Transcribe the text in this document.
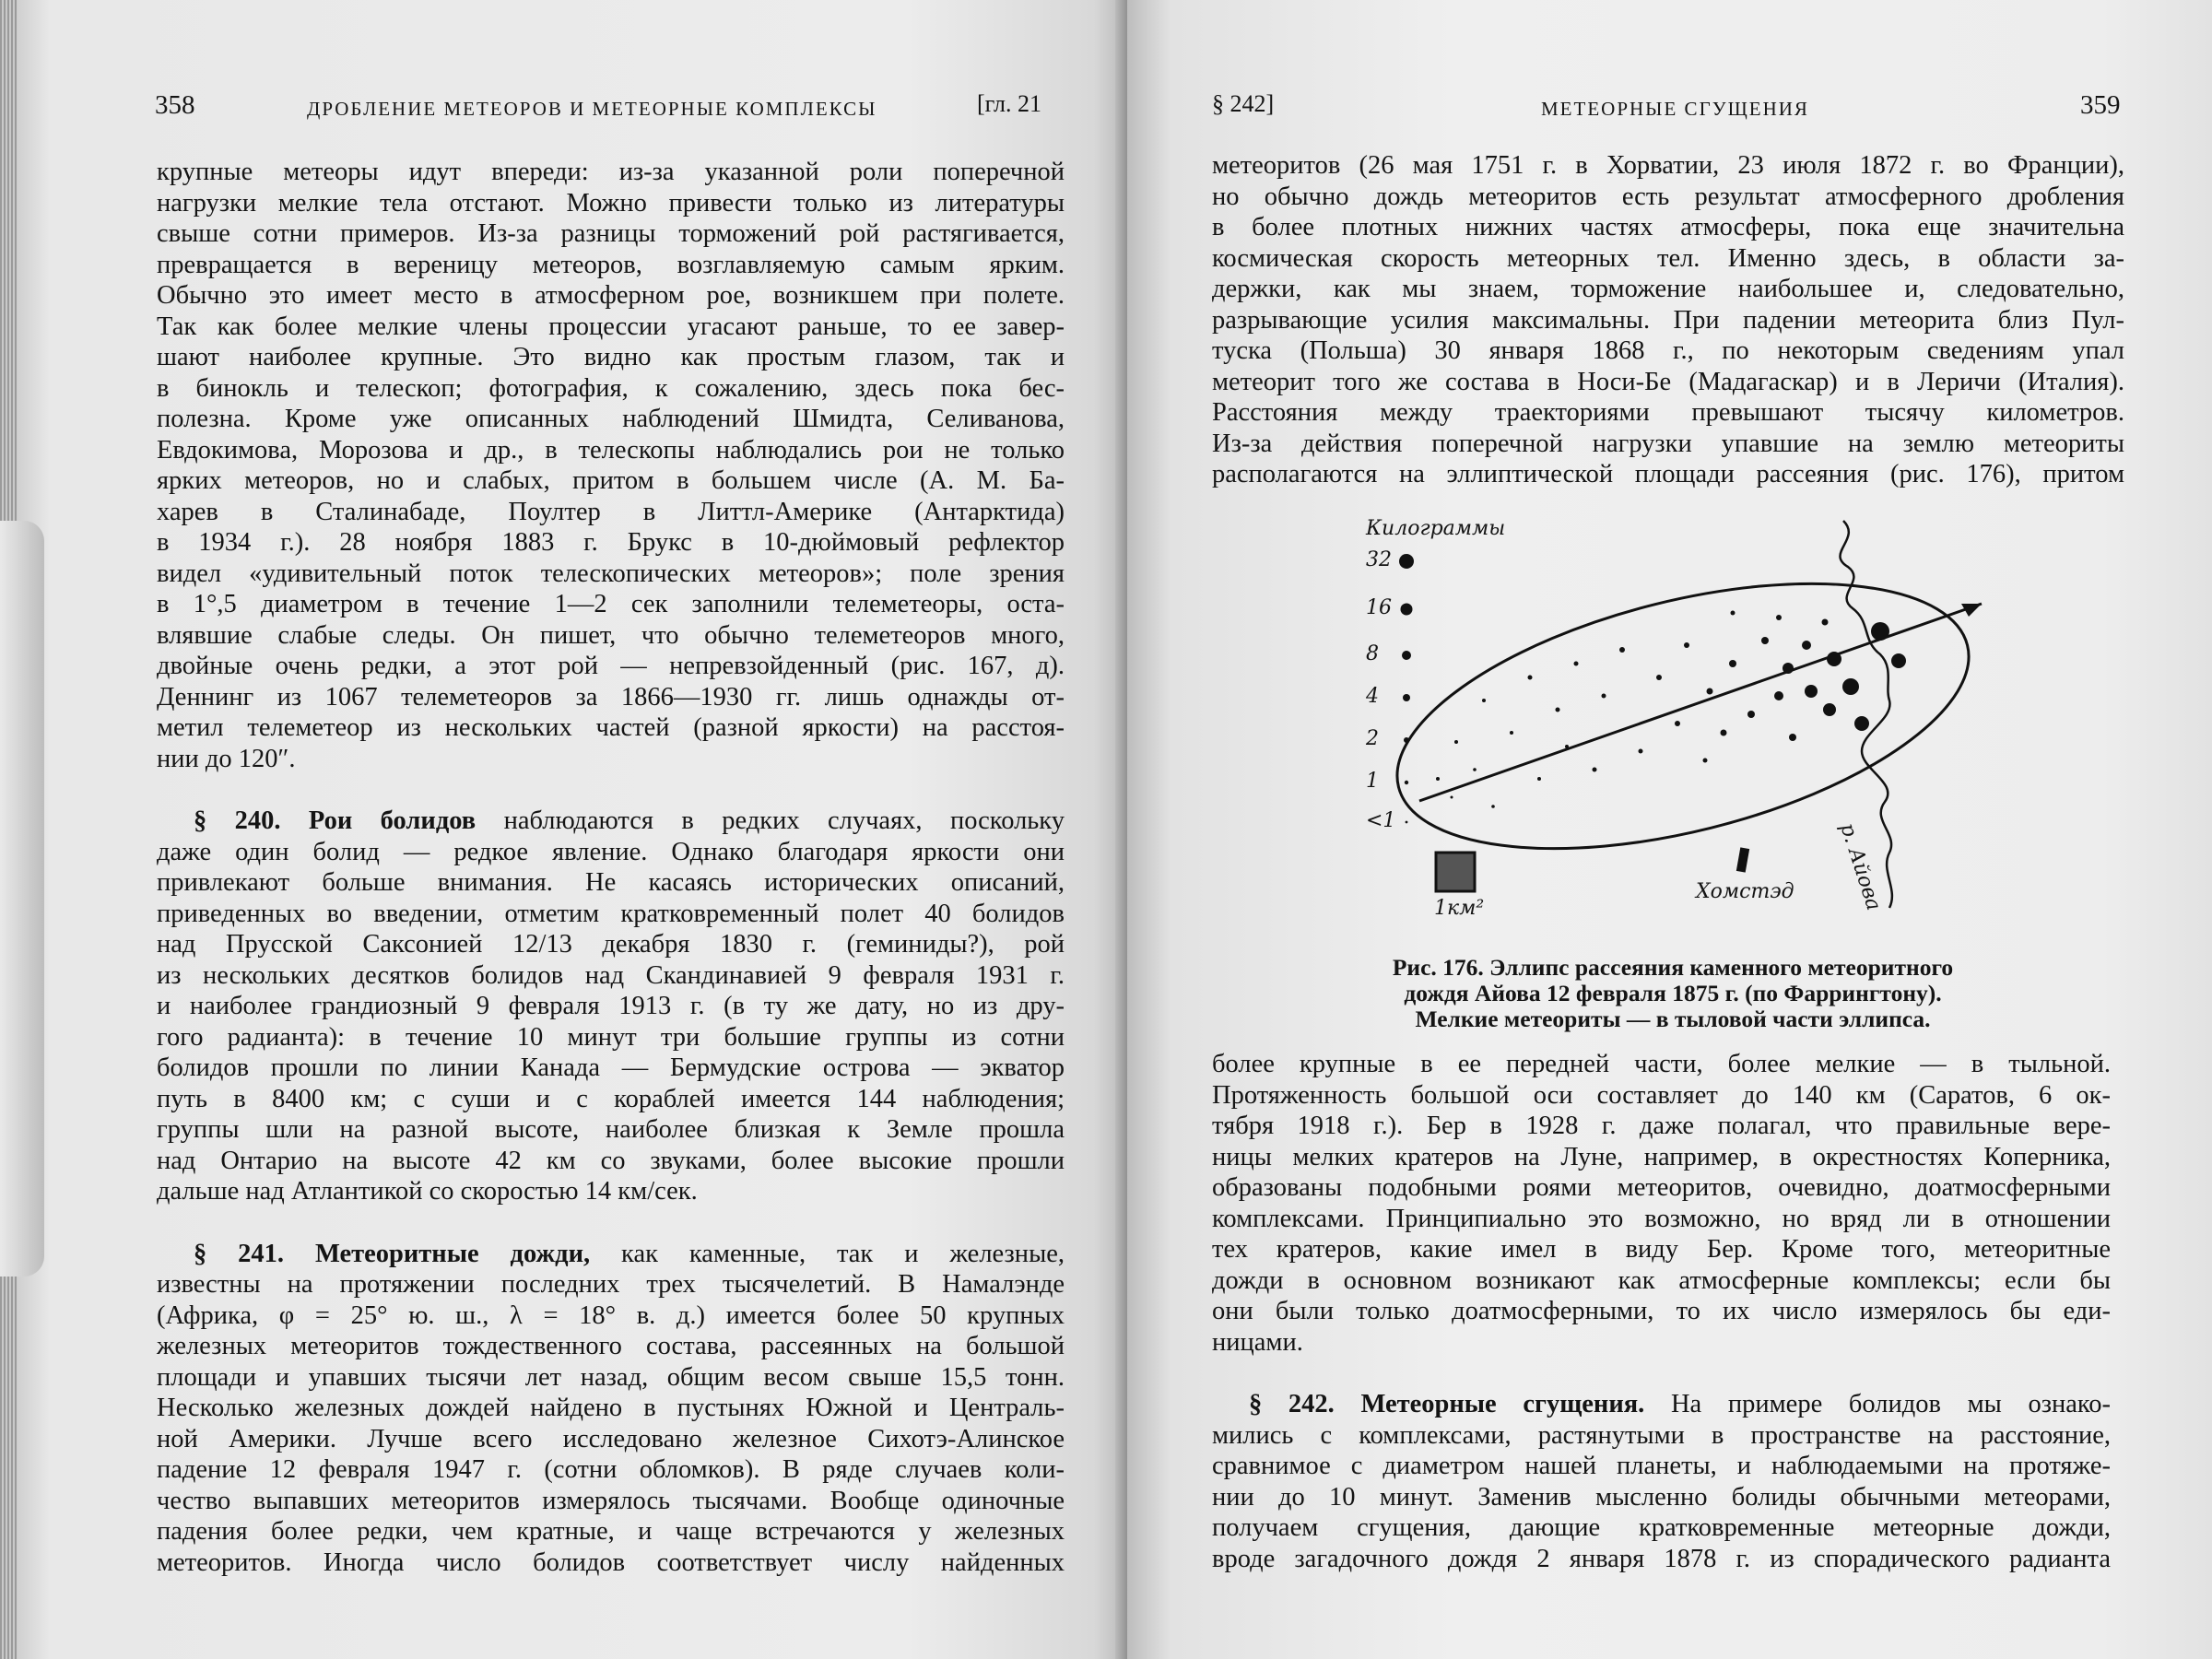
358	ДРОБЛЕНИЕ МЕТЕОРОВ И МЕТЕОРНЫЕ КОМПЛЕКСЫ	[гл. 21
крупные метеоры идут впереди: из-за указанной роли поперечной
нагрузки мелкие тела отстают. Можно привести только из литературы
свыше сотни примеров. Из-за разницы торможений рой растягивается,
превращается в вереницу метеоров, возглавляемую самым ярким.
Обычно это имеет место в атмосферном рое, возникшем при полете.
Так как более мелкие члены процессии угасают раньше, то ее завер-
шают наиболее крупные. Это видно как простым глазом, так и
в бинокль и телескоп; фотография, к сожалению, здесь пока бес-
полезна. Кроме уже описанных наблюдений Шмидта, Селиванова,
Евдокимова, Морозова и др., в телескопы наблюдались рои не только
ярких метеоров, но и слабых, притом в большем числе (А. М. Ба-
харев в Сталинабаде, Поултер в Литтл-Америке (Антарктида)
в 1934 г.). 28 ноября 1883 г. Брукс в 10-дюймовый рефлектор
видел «удивительный поток телескопических метеоров»; поле зрения
в 1°,5 диаметром в течение 1—2 сек заполнили телеметеоры, оста-
влявшие слабые следы. Он пишет, что обычно телеметеоров много,
двойные очень редки, а этот рой — непревзойденный (рис. 167, д).
Деннинг из 1067 телеметеоров за 1866—1930 гг. лишь однажды от-
метил телеметеор из нескольких частей (разной яркости) на расстоя-
нии до 120″.
§ 240. Рои болидов наблюдаются в редких случаях, поскольку
даже один болид — редкое явление. Однако благодаря яркости они
привлекают больше внимания. Не касаясь исторических описаний,
приведенных во введении, отметим кратковременный полет 40 болидов
над Прусской Саксонией 12/13 декабря 1830 г. (геминиды?), рой
из нескольких десятков болидов над Скандинавией 9 февраля 1931 г.
и наиболее грандиозный 9 февраля 1913 г. (в ту же дату, но из дру-
гого радианта): в течение 10 минут три большие группы из сотни
болидов прошли по линии Канада — Бермудские острова — экватор
путь в 8400 км; с суши и с кораблей имеется 144 наблюдения;
группы шли на разной высоте, наиболее близкая к Земле прошла
над Онтарио на высоте 42 км со звуками, более высокие прошли
дальше над Атлантикой со скоростью 14 км/сек.
§ 241. Метеоритные дожди, как каменные, так и железные,
известны на протяжении последних трех тысячелетий. В Намалэнде
(Африка, φ = 25° ю. ш., λ = 18° в. д.) имеется более 50 крупных
железных метеоритов тождественного состава, рассеянных на большой
площади и упавших тысячи лет назад, общим весом свыше 15,5 тонн.
Несколько железных дождей найдено в пустынях Южной и Централь-
ной Америки. Лучше всего исследовано железное Сихотэ-Алинское
падение 12 февраля 1947 г. (сотни обломков). В ряде случаев коли-
чество выпавших метеоритов измерялось тысячами. Вообще одиночные
падения более редки, чем кратные, и чаще встречаются у железных
метеоритов. Иногда число болидов соответствует числу найденных
§ 242]	МЕТЕОРНЫЕ СГУЩЕНИЯ	359
метеоритов (26 мая 1751 г. в Хорватии, 23 июля 1872 г. во Франции),
но обычно дождь метеоритов есть результат атмосферного дробления
в более плотных нижних частях атмосферы, пока еще значительна
космическая скорость метеорных тел. Именно здесь, в области за-
держки, как мы знаем, торможение наибольшее и, следовательно,
разрывающие усилия максимальны. При падении метеорита близ Пул-
туска (Польша) 30 января 1868 г., по некоторым сведениям упал
метеорит того же состава в Носи-Бе (Мадагаскар) и в Леричи (Италия).
Расстояния между траекториями превышают тысячу километров.
Из-за действия поперечной нагрузки упавшие на землю метеориты
располагаются на эллиптической площади рассеяния (рис. 176), притом
Килограммы
32
16
8
4
2
1
<1
1км²
Хомстэд р. Айова
Рис. 176. Эллипс рассеяния каменного метеоритного
дождя Айова 12 февраля 1875 г. (по Фаррингтону).
Мелкие метеориты — в тыловой части эллипса.
более крупные в ее передней части, более мелкие — в тыльной.
Протяженность большой оси составляет до 140 км (Саратов, 6 ок-
тября 1918 г.). Бер в 1928 г. даже полагал, что правильные вере-
ницы мелких кратеров на Луне, например, в окрестностях Коперника,
образованы подобными роями метеоритов, очевидно, доатмосферными
комплексами. Принципиально это возможно, но вряд ли в отношении
тех кратеров, какие имел в виду Бер. Кроме того, метеоритные
дожди в основном возникают как атмосферные комплексы; если бы
они были только доатмосферными, то их число измерялось бы еди-
ницами.
§ 242. Метеорные сгущения. На примере болидов мы ознако-
мились с комплексами, растянутыми в пространстве на расстояние,
сравнимое с диаметром нашей планеты, и наблюдаемыми на протяже-
нии до 10 минут. Заменив мысленно болиды обычными метеорами,
получаем сгущения, дающие кратковременные метеорные дожди,
вроде загадочного дождя 2 января 1878 г. из спорадического радианта
